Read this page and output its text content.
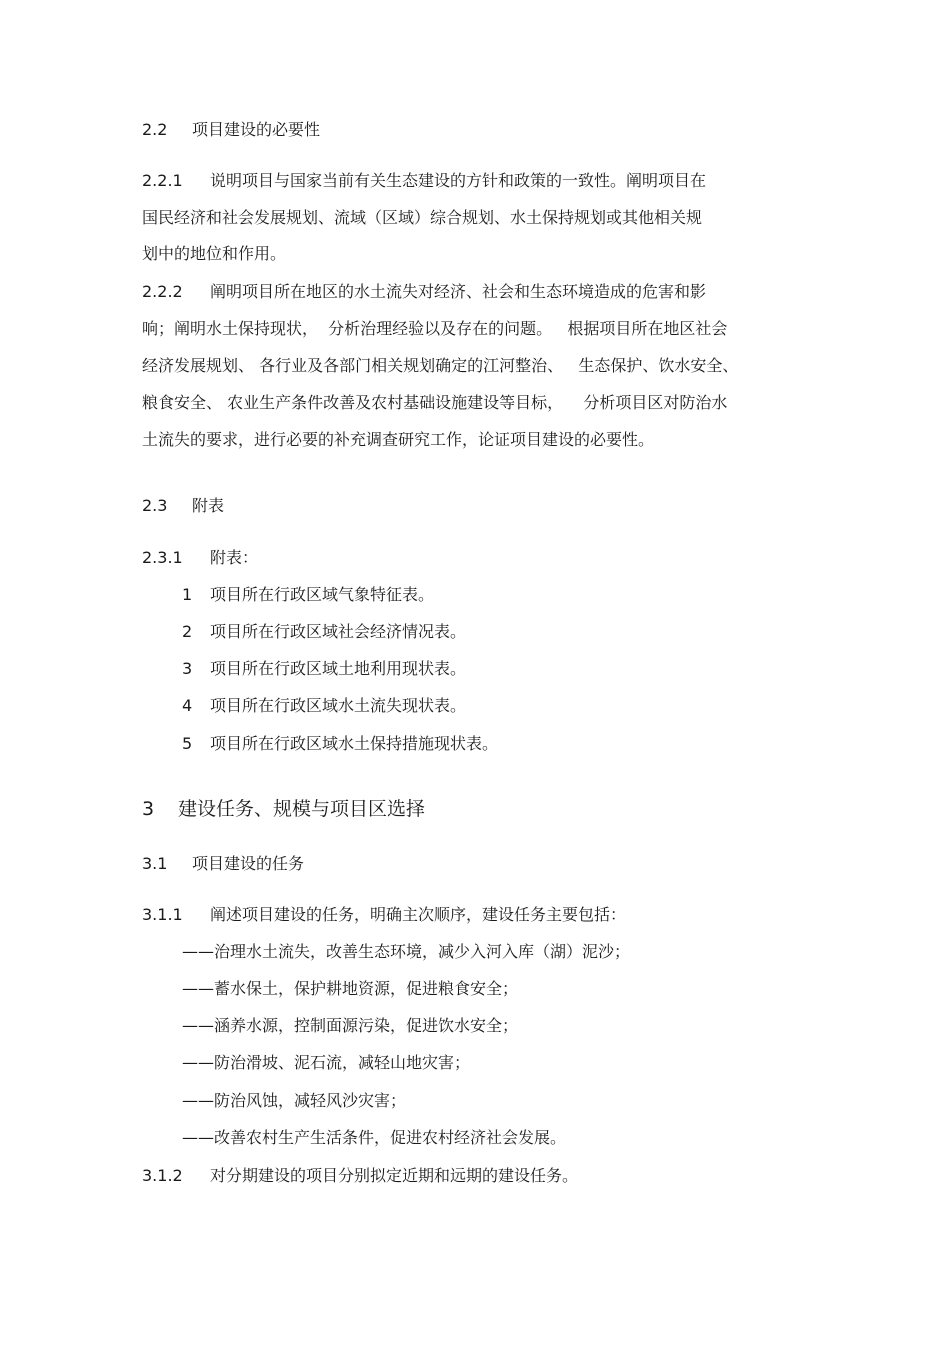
2.2 项目建设的必要性
2.2.1 说明项目与国家当前有关生态建设的方针和政策的一致性。阐明项目在
国民经济和社会发展规划、流域（区域）综合规划、水土保持规划或其他相关规
划中的地位和作用。
2.2.2 阐明项目所在地区的水土流失对经济、社会和生态环境造成的危害和影
响；阐明水土保持现状，  分析治理经验以及存在的问题。   根据项目所在地区社会
经济发展规划、 各行业及各部门相关规划确定的江河整治、   生态保护、饮水安全、
粮食安全、 农业生产条件改善及农村基础设施建设等目标，    分析项目区对防治水
土流失的要求，进行必要的补充调查研究工作，论证项目建设的必要性。
2.3 附表
2.3.1 附表：
1 项目所在行政区域气象特征表。
2 项目所在行政区域社会经济情况表。
3 项目所在行政区域土地利用现状表。
4 项目所在行政区域水土流失现状表。
5 项目所在行政区域水土保持措施现状表。
3 建设任务、规模与项目区选择
3.1 项目建设的任务
3.1.1 阐述项目建设的任务，明确主次顺序，建设任务主要包括：
——治理水土流失，改善生态环境，减少入河入库（湖）泥沙；
——蓄水保土，保护耕地资源，促进粮食安全；
——涵养水源，控制面源污染，促进饮水安全；
——防治滑坡、泥石流，减轻山地灾害；
——防治风蚀，减轻风沙灾害；
——改善农村生产生活条件，促进农村经济社会发展。
3.1.2 对分期建设的项目分别拟定近期和远期的建设任务。
